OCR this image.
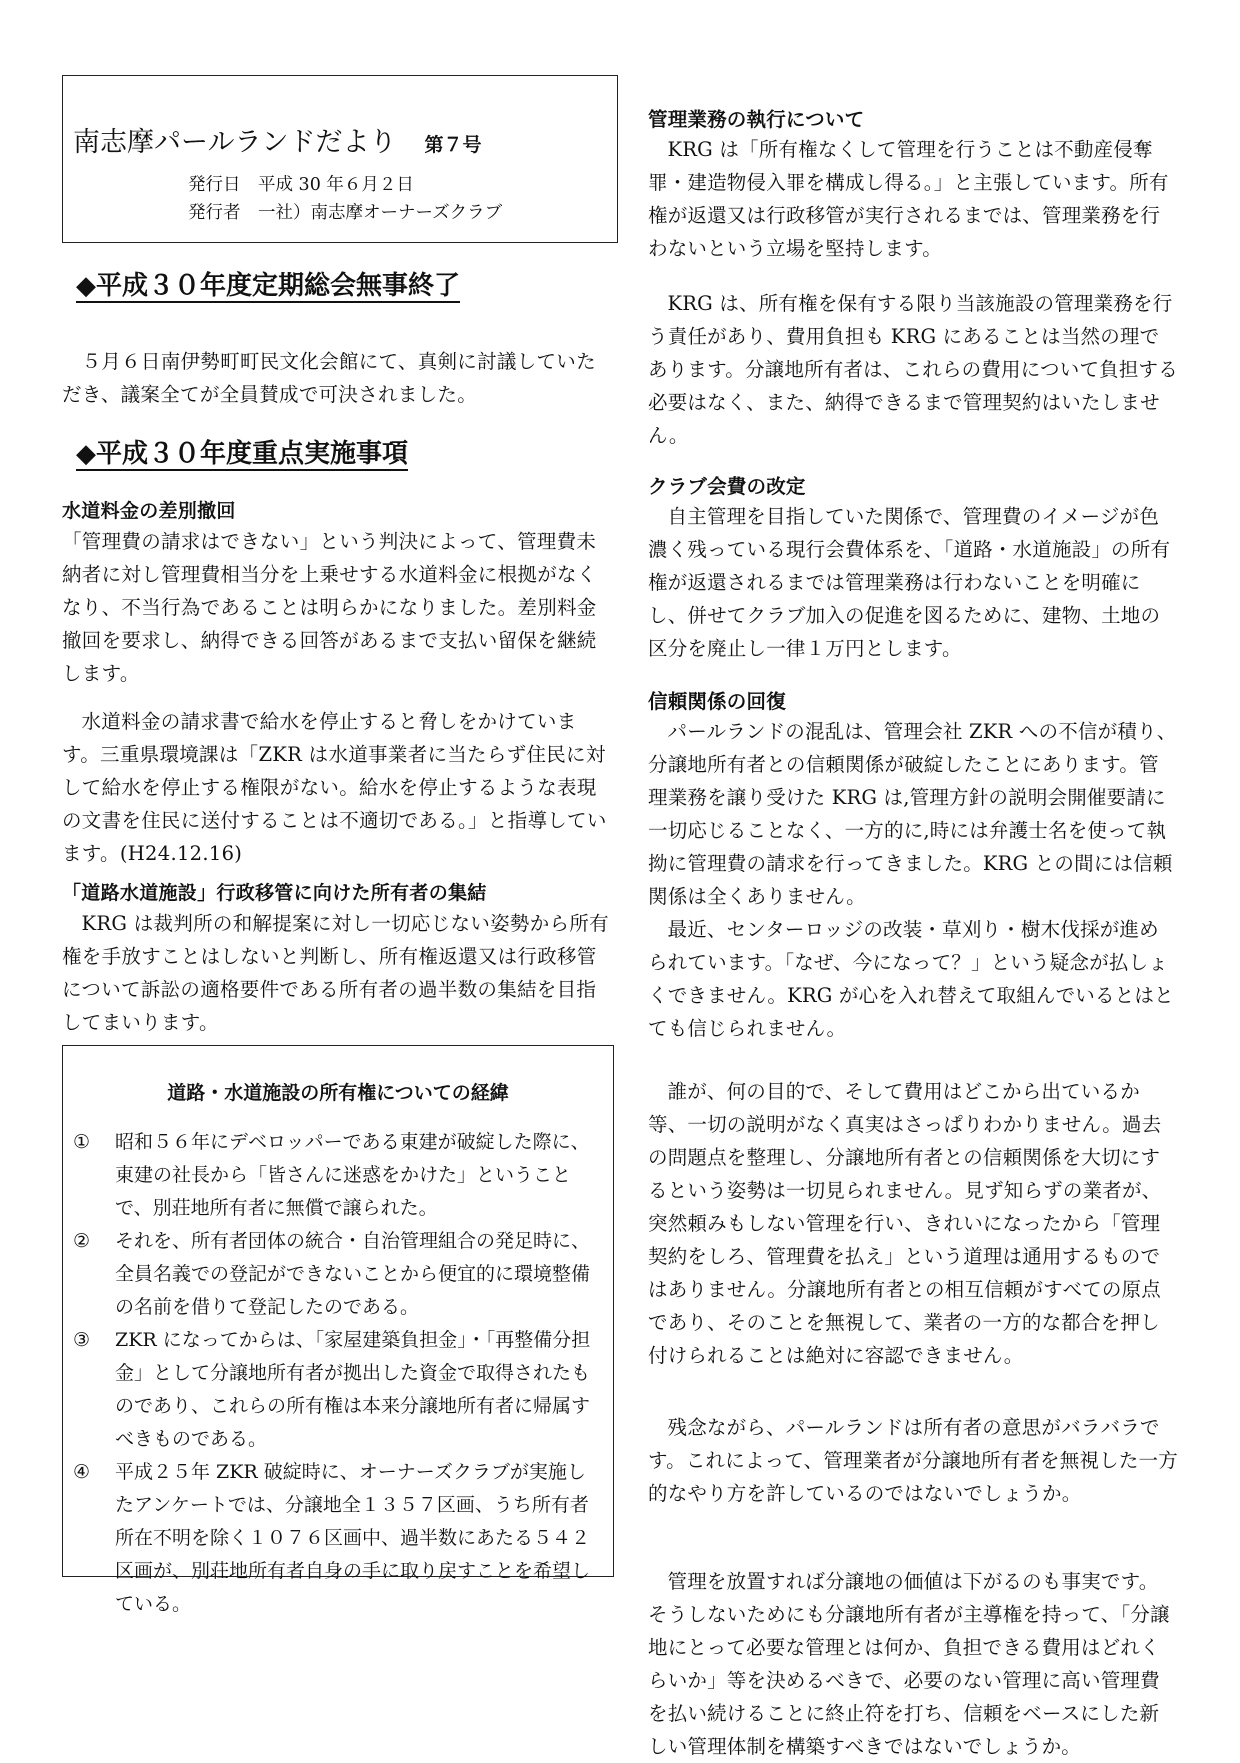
南志摩パールランドだより 第７号
発行日　平成 30 年６月２日
発行者　一社）南志摩オーナーズクラブ
◆平成３０年度定期総会無事終了
５月６日南伊勢町町民文化会館にて、真剣に討議していただき、議案全てが全員賛成で可決されました。
◆平成３０年度重点実施事項
水道料金の差別撤回
「管理費の請求はできない」という判決によって、管理費未納者に対し管理費相当分を上乗せする水道料金に根拠がなくなり、不当行為であることは明らかになりました。差別料金撤回を要求し、納得できる回答があるまで支払い留保を継続します。
水道料金の請求書で給水を停止すると脅しをかけています。三重県環境課は「ZKR は水道事業者に当たらず住民に対して給水を停止する権限がない。給水を停止するような表現の文書を住民に送付することは不適切である。」と指導しています。(H24.12.16)
「道路水道施設」行政移管に向けた所有者の集結
KRG は裁判所の和解提案に対し一切応じない姿勢から所有権を手放すことはしないと判断し、所有権返還又は行政移管について訴訟の適格要件である所有者の過半数の集結を目指してまいります。
道路・水道施設の所有権についての経緯
①	昭和５６年にデベロッパーである東建が破綻した際に、東建の社長から「皆さんに迷惑をかけた」ということで、別荘地所有者に無償で譲られた。
②	それを、所有者団体の統合・自治管理組合の発足時に、全員名義での登記ができないことから便宜的に環境整備の名前を借りて登記したのである。
③	ZKR になってからは、「家屋建築負担金」・「再整備分担金」として分譲地所有者が拠出した資金で取得されたものであり、これらの所有権は本来分譲地所有者に帰属すべきものである。
④	平成２５年 ZKR 破綻時に、オーナーズクラブが実施したアンケートでは、分譲地全１３５７区画、うち所有者所在不明を除く１０７６区画中、過半数にあたる５４２区画が、別荘地所有者自身の手に取り戻すことを希望している。
管理業務の執行について
KRG は「所有権なくして管理を行うことは不動産侵奪罪・建造物侵入罪を構成し得る。」と主張しています。所有権が返還又は行政移管が実行されるまでは、管理業務を行わないという立場を堅持します。
KRG は、所有権を保有する限り当該施設の管理業務を行う責任があり、費用負担も KRG にあることは当然の理であります。分譲地所有者は、これらの費用について負担する必要はなく、また、納得できるまで管理契約はいたしません。
クラブ会費の改定
自主管理を目指していた関係で、管理費のイメージが色濃く残っている現行会費体系を、「道路・水道施設」の所有権が返還されるまでは管理業務は行わないことを明確にし、併せてクラブ加入の促進を図るために、建物、土地の区分を廃止し一律１万円とします。
信頼関係の回復
パールランドの混乱は、管理会社 ZKR への不信が積り、分譲地所有者との信頼関係が破綻したことにあります。管理業務を譲り受けた KRG は,管理方針の説明会開催要請に一切応じることなく、一方的に,時には弁護士名を使って執拗に管理費の請求を行ってきました。KRG との間には信頼関係は全くありません。
最近、センターロッジの改装・草刈り・樹木伐採が進められています。「なぜ、今になって？」という疑念が払しょくできません。KRG が心を入れ替えて取組んでいるとはとても信じられません。
誰が、何の目的で、そして費用はどこから出ているか等、一切の説明がなく真実はさっぱりわかりません。過去の問題点を整理し、分譲地所有者との信頼関係を大切にするという姿勢は一切見られません。見ず知らずの業者が、突然頼みもしない管理を行い、きれいになったから「管理契約をしろ、管理費を払え」という道理は通用するものではありません。分譲地所有者との相互信頼がすべての原点であり、そのことを無視して、業者の一方的な都合を押し付けられることは絶対に容認できません。
残念ながら、パールランドは所有者の意思がバラバラです。これによって、管理業者が分譲地所有者を無視した一方的なやり方を許しているのではないでしょうか。
管理を放置すれば分譲地の価値は下がるのも事実です。そうしないためにも分譲地所有者が主導権を持って、「分譲地にとって必要な管理とは何か、負担できる費用はどれくらいか」等を決めるべきで、必要のない管理に高い管理費を払い続けることに終止符を打ち、信頼をベースにした新しい管理体制を構築すべきではないでしょうか。
